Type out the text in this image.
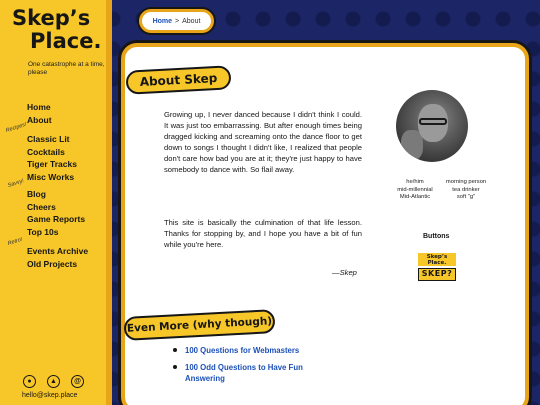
Skep’s
Place.
One catastrophe at a time, please
Home
About
Recipes!
Classic Lit
Cocktails
Tiger Tracks
Misc Works
Savvy!
Blog
Cheers
Game Reports
Top 10s
Retro!
Events Archive
Old Projects
●	▲	@
hello@skep.place
Home > About
About Skep

Growing up, I never danced because I didn't think I could. It was just too embarrassing. But after enough times being dragged kicking and screaming onto the dance floor to get down to songs I thought I didn't like, I realized that people don't care how bad you are at it; they're just happy to have somebody to dance with. So flail away.

This site is basically the culmination of that life lesson. Thanks for stopping by, and I hope you have a bit of fun while you're here.

—Skep
he/him
mid-millennial
Mid-Atlantic
morning person
tea drinker
soft "g"
Buttons
Skep’s
Place.
SKEP?
Even More (why though)
100 Questions for Webmasters
100 Odd Questions to Have Fun Answering
